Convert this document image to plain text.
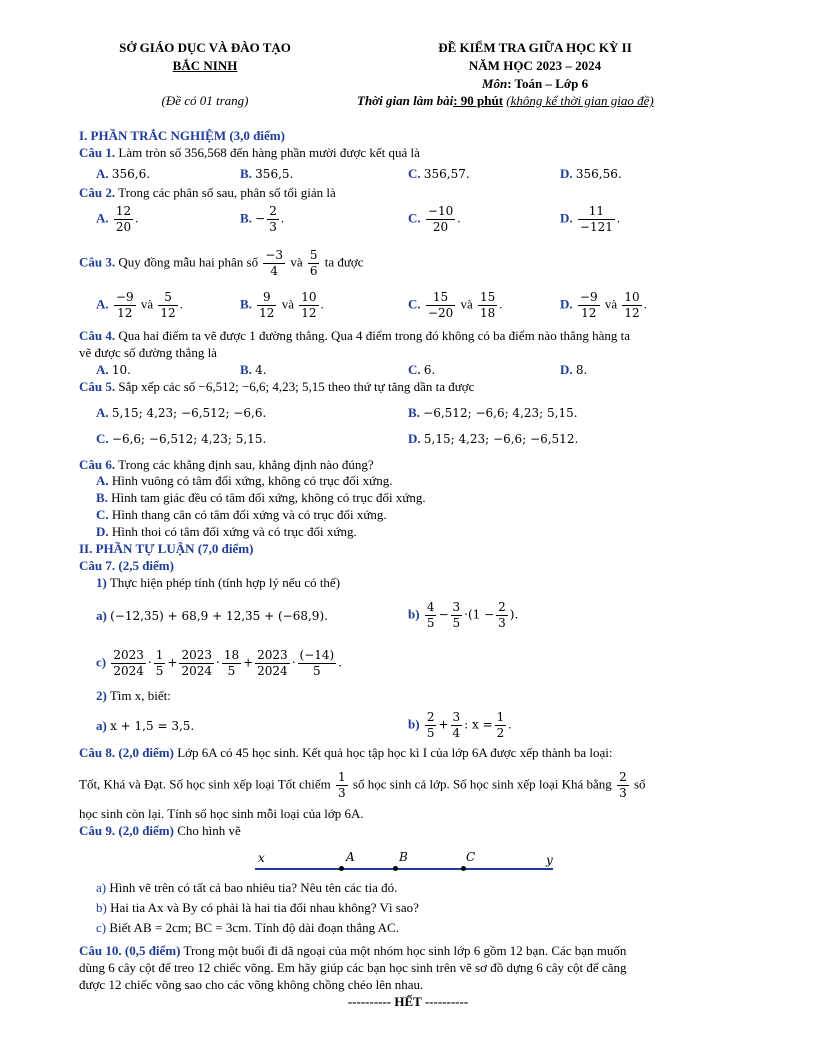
SỞ GIÁO DỤC VÀ ĐÀO TẠO
BẮC NINH
(Đề có 01 trang)
ĐỀ KIỂM TRA GIỮA HỌC KỲ II
NĂM HỌC 2023 – 2024
Môn: Toán – Lớp 6
Thời gian làm bài: 90 phút (không kể thời gian giao đề)
I. PHẦN TRẮC NGHIỆM (3,0 điểm)
Câu 1. Làm tròn số 356,568 đến hàng phần mười được kết quả là
A. 356,6.	B. 356,5.	C. 356,57.	D. 356,56.
Câu 2. Trong các phân số sau, phân số tối giản là
A. $\frac{12}{20}$ .	B. − $\frac{2}{3}$ .	C. $\frac{-10}{20}$ .	D. $\frac{11}{-121}$ .
Câu 3. Quy đồng mẫu hai phân số $\frac{-3}{4}$ và $\frac{5}{6}$ ta được
A. $\frac{-9}{12}$ và $\frac{5}{12}$ .	B. $\frac{9}{12}$ và $\frac{10}{12}$ .	C. $\frac{15}{-20}$ và $\frac{15}{18}$ .	D. $\frac{-9}{12}$ và $\frac{10}{12}$ .
Câu 4. Qua hai điểm ta vẽ được 1 đường thẳng. Qua 4 điểm trong đó không có ba điểm nào thẳng hàng ta
vẽ được số đường thẳng là
A. 10.	B. 4.	C. 6.	D. 8.
Câu 5. Sắp xếp các số −6,512; −6,6; 4,23; 5,15 theo thứ tự tăng dần ta được
A. 5,15; 4,23; −6,512; −6,6.	B. −6,512; −6,6; 4,23; 5,15.
C. −6,6; −6,512; 4,23; 5,15.	D. 5,15; 4,23; −6,6; −6,512.
Câu 6. Trong các khẳng định sau, khẳng định nào đúng?
A. Hình vuông có tâm đối xứng, không có trục đối xứng.
B. Hình tam giác đều có tâm đối xứng, không có trục đối xứng.
C. Hình thang cân có tâm đối xứng và có trục đối xứng.
D. Hình thoi có tâm đối xứng và có trục đối xứng.
II. PHẦN TỰ LUẬN (7,0 điểm)
Câu 7. (2,5 điểm)
1) Thực hiện phép tính (tính hợp lý nếu có thể)
a) (−12,35) + 68,9 + 12,35 + (−68,9).	$b) \frac{4}{5} - \frac{3}{5} \cdot(1 - \frac{2}{3}$ ).
$c) \frac{2023}{2024} \cdot \frac{1}{5} + \frac{2023}{2024} \cdot \frac{18}{5} + \frac{2023}{2024} \cdot \frac{(-14)}{5}$ .
2) Tìm x, biết:
a) x + 1,5 = 3,5.	$b) \frac{2}{5} + \frac{3}{4}$ : $x = \frac{1}{2}$ .
Câu 8. (2,0 điểm) Lớp 6A có 45 học sinh. Kết quả học tập học kì I của lớp 6A được xếp thành ba loại:
Tốt, Khá và Đạt. Số học sinh xếp loại Tốt chiếm $\frac{1}{3}$ số học sinh cả lớp. Số học sinh xếp loại Khá bằng $\frac{2}{3}$ số
học sinh còn lại. Tính số học sinh mỗi loại của lớp 6A.
Câu 9. (2,0 điểm) Cho hình vẽ
x	A	B	C	y
a) Hình vẽ trên có tất cả bao nhiêu tia? Nêu tên các tia đó.
b) Hai tia Ax và By có phải là hai tia đối nhau không? Vì sao?
c) Biết AB = 2cm; BC = 3cm. Tính độ dài đoạn thẳng AC.
Câu 10. (0,5 điểm) Trong một buổi đi dã ngoại của một nhóm học sinh lớp 6 gồm 12 bạn. Các bạn muốn
dùng 6 cây cột để treo 12 chiếc võng. Em hãy giúp các bạn học sinh trên vẽ sơ đồ dựng 6 cây cột để căng
được 12 chiếc võng sao cho các võng không chồng chéo lên nhau.
---------- HẾT ----------
